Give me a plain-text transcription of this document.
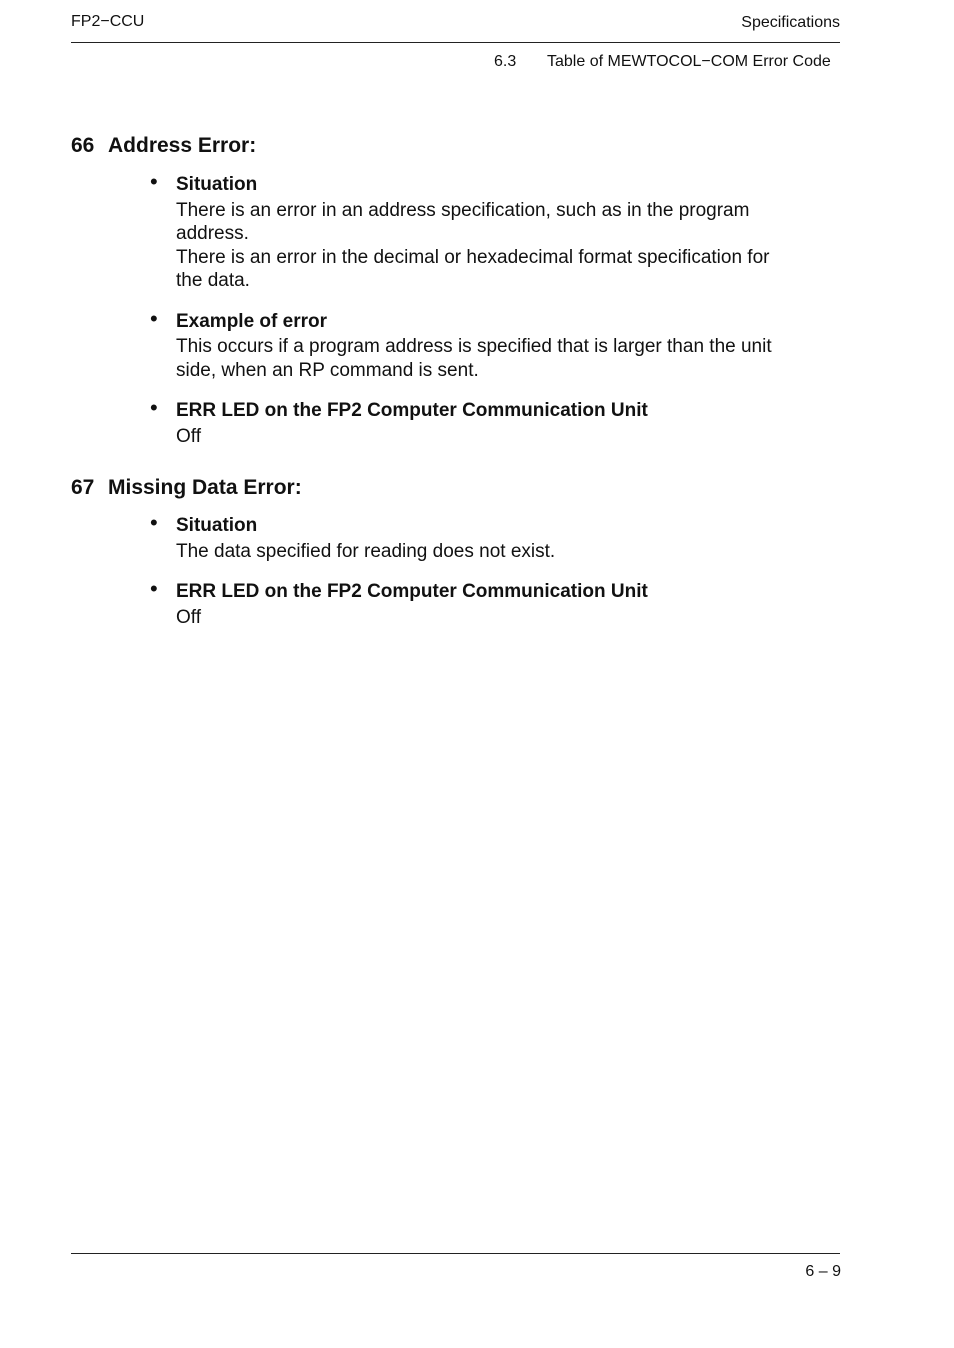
FP2−CCU	Specifications
6.3 Table of MEWTOCOL−COM Error Code
66 Address Error:
• Situation
There is an error in an address specification, such as in the program
address.
There is an error in the decimal or hexadecimal format specification for
the data.
• Example of error
This occurs if a program address is specified that is larger than the unit
side, when an RP command is sent.
• ERR LED on the FP2 Computer Communication Unit
Off
67 Missing Data Error:
• Situation
The data specified for reading does not exist.
• ERR LED on the FP2 Computer Communication Unit
Off
6 – 9
